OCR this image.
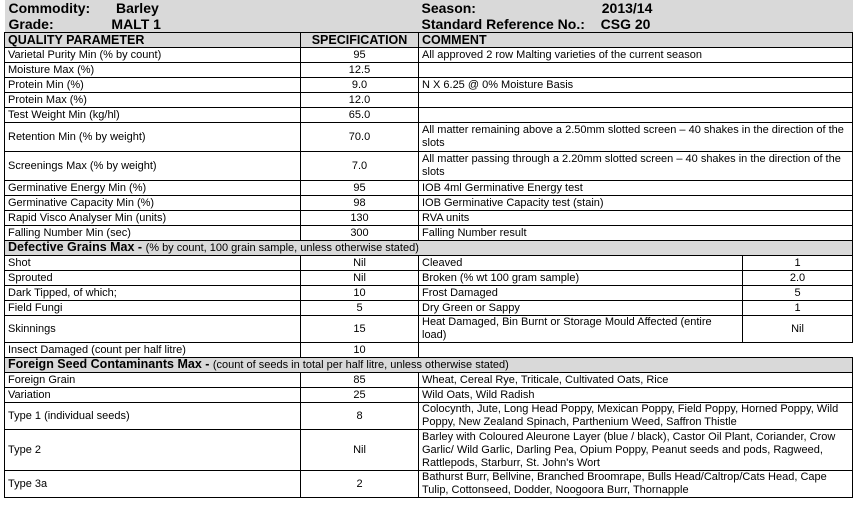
Commodity: Barley		Season: 2013/14	
Grade: MALT 1		Standard Reference No.: CSG 20	
QUALITY PARAMETER	SPECIFICATION	COMMENT	
Varietal Purity Min (% by count)	95	All approved 2 row Malting varieties of the current season	
Moisture Max (%)	12.5		
Protein Min (%)	9.0	N X 6.25 @ 0% Moisture Basis	
Protein Max (%)	12.0		
Test Weight Min (kg/hl)	65.0		
Retention Min (% by weight)	70.0	All matter remaining above a 2.50mm slotted screen – 40 shakes in the direction of the slots	
Screenings Max (% by weight)	7.0	All matter passing through a 2.20mm slotted screen – 40 shakes in the direction of the slots	
Germinative Energy Min (%)	95	IOB 4ml Germinative Energy test	
Germinative Capacity Min (%)	98	IOB Germinative Capacity test (stain)	
Rapid Visco Analyser Min (units)	130	RVA units	
Falling Number Min (sec)	300	Falling Number result	
Defective Grains Max - (% by count, 100 grain sample, unless otherwise stated)			
Shot	Nil	Cleaved	1
Sprouted	Nil	Broken (% wt 100 gram sample)	2.0
Dark Tipped, of which;	10	Frost Damaged	5
Field Fungi	5	Dry Green or Sappy	1
Skinnings	15	Heat Damaged, Bin Burnt or Storage Mould Affected (entire load)	Nil
Insect Damaged (count per half litre)	10		
Foreign Seed Contaminants Max - (count of seeds in total per half litre, unless otherwise stated)			
Foreign Grain	85	Wheat, Cereal Rye, Triticale, Cultivated Oats, Rice	
Variation	25	Wild Oats, Wild Radish	
Type 1 (individual seeds)	8	Colocynth, Jute, Long Head Poppy, Mexican Poppy, Field Poppy, Horned Poppy, Wild Poppy, New Zealand Spinach, Parthenium Weed, Saffron Thistle	
Type 2	Nil	Barley with Coloured Aleurone Layer (blue / black), Castor Oil Plant, Coriander, Crow Garlic/ Wild Garlic, Darling Pea, Opium Poppy, Peanut seeds and pods, Ragweed, Rattlepods, Starburr, St. John's Wort	
Type 3a	2	Bathurst Burr, Bellvine, Branched Broomrape, Bulls Head/Caltrop/Cats Head, Cape Tulip, Cottonseed, Dodder, Noogoora Burr, Thornapple	
